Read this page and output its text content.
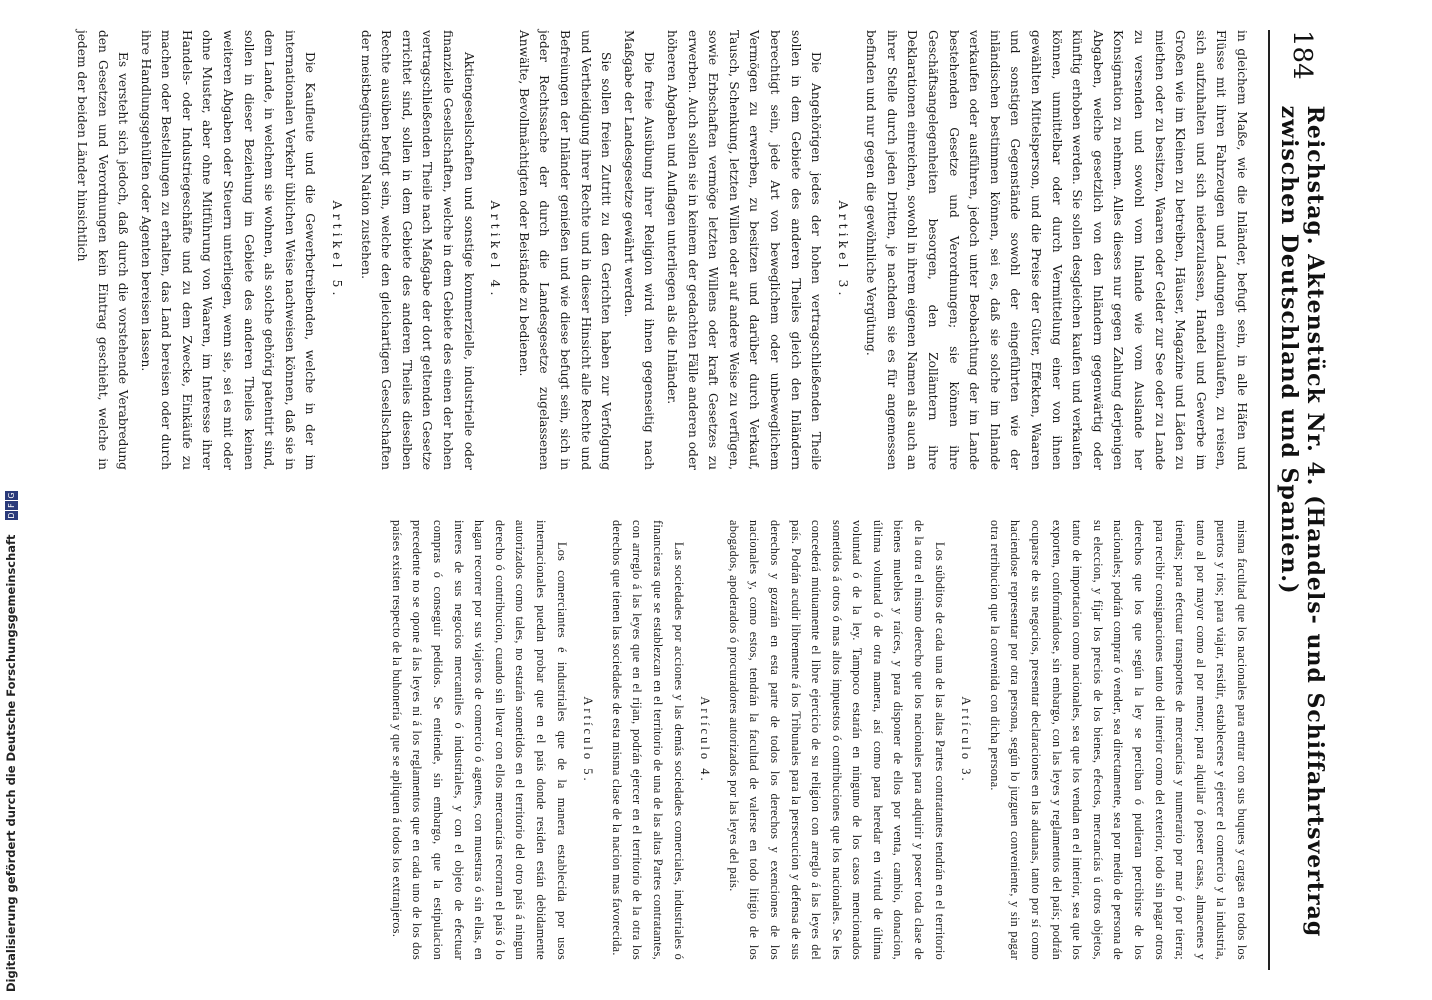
184
Reichstag. Aktenstück Nr. 4. (Handels- und Schiffahrtsvertrag zwischen Deutschland und Spanien.)

in gleichem Maße, wie die Inländer, befugt sein, in alle Häfen und Flüsse mit ihren Fahrzeugen und Ladungen einzulaufen, zu reisen, sich aufzuhalten und sich niederzulassen, Handel und Gewerbe im Großen wie im Kleinen zu betreiben, Häuser, Magazine und Läden zu miethen oder zu besitzen, Waaren oder Gelder zur See oder zu Lande zu versenden und sowohl vom Inlande wie vom Auslande her Konsignation zu nehmen. Alles dieses nur gegen Zahlung derjenigen Abgaben, welche gesetzlich von den Inländern gegenwärtig oder künftig erhoben werden. Sie sollen desgleichen kaufen und verkaufen können, unmittelbar oder durch Vermittelung einer von ihnen gewählten Mittelsperson, und die Preise der Güter, Effekten, Waaren und sonstigen Gegenstände sowohl der eingeführten wie der inländischen bestimmen können, sei es, daß sie solche im Inlande verkaufen oder ausführen, jedoch unter Beobachtung der im Lande bestehenden Gesetze und Verordnungen; sie können ihre Geschäftsangelegenheiten besorgen, den Zollämtern ihre Deklarationen einreichen, sowohl in ihrem eigenen Namen als auch an ihrer Stelle durch jeden Dritten, je nachdem sie es für angemessen befinden und nur gegen die gewöhnliche Vergütung.

Artikel 3.

Die Angehörigen jedes der hohen vertragschließenden Theile sollen in dem Gebiete des anderen Theiles gleich den Inländern berechtigt sein, jede Art von beweglichem oder unbeweglichem Vermögen zu erwerben, zu besitzen und darüber durch Verkauf, Tausch, Schenkung, letzten Willen oder auf andere Weise zu verfügen, sowie Erbschaften vermöge letzten Willens oder kraft Gesetzes zu erwerben. Auch sollen sie in keinem der gedachten Fälle anderen oder höheren Abgaben und Auflagen unterliegen als die Inländer.

Die freie Ausübung ihrer Religion wird ihnen gegenseitig nach Maßgabe der Landesgesetze gewährt werden.

Sie sollen freien Zutritt zu den Gerichten haben zur Verfolgung und Vertheidigung ihrer Rechte und in dieser Hinsicht alle Rechte und Befreiungen der Inländer genießen und wie diese befugt sein, sich in jeder Rechtssache der durch die Landesgesetze zugelassenen Anwälte, Bevollmächtigten oder Beistände zu bedienen.

Artikel 4.

Aktiengesellschaften und sonstige kommerzielle, industrielle oder finanzielle Gesellschaften, welche in dem Gebiete des einen der hohen vertragschließenden Theile nach Maßgabe der dort geltenden Gesetze errichtet sind, sollen in dem Gebiete des anderen Theiles dieselben Rechte ausüben befugt sein, welche den gleichartigen Gesellschaften der meistbegünstigten Nation zustehen.

Artikel 5.

Die Kaufleute und die Gewerbetreibenden, welche in der im internationalen Verkehr üblichen Weise nachweisen können, daß sie in dem Lande, in welchem sie wohnen, als solche gehörig patentirt sind, sollen in dieser Beziehung im Gebiete des anderen Theiles keinen weiteren Abgaben oder Steuern unterliegen, wenn sie, sei es mit oder ohne Muster, aber ohne Mitführung von Waaren, im Interesse ihrer Handels- oder Industriegeschäfte und zu dem Zwecke, Einkäufe zu machen oder Bestellungen zu erhalten, das Land bereisen oder durch ihre Handlungsgehülfen oder Agenten bereisen lassen.

Es versteht sich jedoch, daß durch die vorstehende Verabredung den Gesetzen und Verordnungen kein Eintrag geschieht, welche in jedem der beiden Länder hinsichtlich

misma facultad que los nacionales para entrar con sus buques y cargas en todos los puertos y rios; para viajar, residir, establecerse y ejercer el comercio y la industria, tanto al por mayor como al por menor; para alquilar ó poseer casas, almacenes y tiendas; para efectuar transportes de mercancías y numerario por mar ó por tierra; para recibir consignaciones tanto del interior como del exterior, todo sin pagar otros derechos que los que según la ley se perciban ó pudieran percibirse de los nacionales; podrán comprar ó vender, sea directamente, sea por medio de persona de su eleccion, y fijar los precios de los bienes, efectos, mercancías ú otros objetos, tanto de importacion como nacionales, sea que los vendan en el interior, sea que los exporten, conformándose, sin embargo, con las leyes y reglamentos del país; podrán ocuparse de sus negocios, presentar declaraciones en las aduanas, tanto por sí como haciendose representar por otra persona, según lo juzguen conveniente, y sin pagar otra retribucion que la convenida con dicha persona.

Artículo 3.

Los súbditos de cada una de las altas Partes contratantes tendrán en el territorio de la otra el mismo derecho que los nacionales para adquirir y poseer toda clase de bienes muebles y raíces, y para disponer de ellos por venta, cambio, donacion, última voluntad ó de otra manera, así como para heredar en virtud de última voluntad ó de la ley. Tampoco estarán en ninguno de los casos mencionados sometidos á otros ó mas altos impuestos ó contribuciones que los nacionales. Se les concederá mútuamente el libre ejercicio de su religion con arreglo á las leyes del país. Podrán acudir libremente á los Tribunales para la persecucion y defensa de sus derechos y gozarán en esta parte de todos los derechos y exenciones de los nacionales y, como estos, tendrán la facultad de valerse en todo litigio de los abogados, apoderados ó procuradores autorizados por las leyes del país.

Artículo 4.

Las sociedades por acciones y las demás sociedades comerciales, industriales ó financieras que se establezcan en el territorio de una de las altas Partes contratantes, con arreglo á las leyes que en el rijan, podrán ejercer en el territorio de la otra los derechos que tienen las sociedades de esta misma clase de la nacion mas favorecida.

Artículo 5.

Los comerciantes é industriales que de la manera establecida por usos internacionales puedan probar que en el país donde residen están debidamente autorizados como tales, no estarán sometidos en el territorio del otro país á ningun derecho ó contribucion, cuando sin llevar con ellos mercancías recorran el país ó lo hagan recorrer por sus viajeros de comercio ó agentes, con muestras ó sin ellas, en interes de sus negocios mercantiles ó industriales, y con el objeto de efectuar compras ó conseguir pedidos. Se entiende, sin embargo, que la estipulacion precedente no se opone á las leyes ni á los reglamentos que en cada uno de los dos países existen respecto de la buhonería y que se apliquen á todos los extranjeros.

Digitalisierung gefördert durch die Deutsche Forschungsgemeinschaft
D
F
G
